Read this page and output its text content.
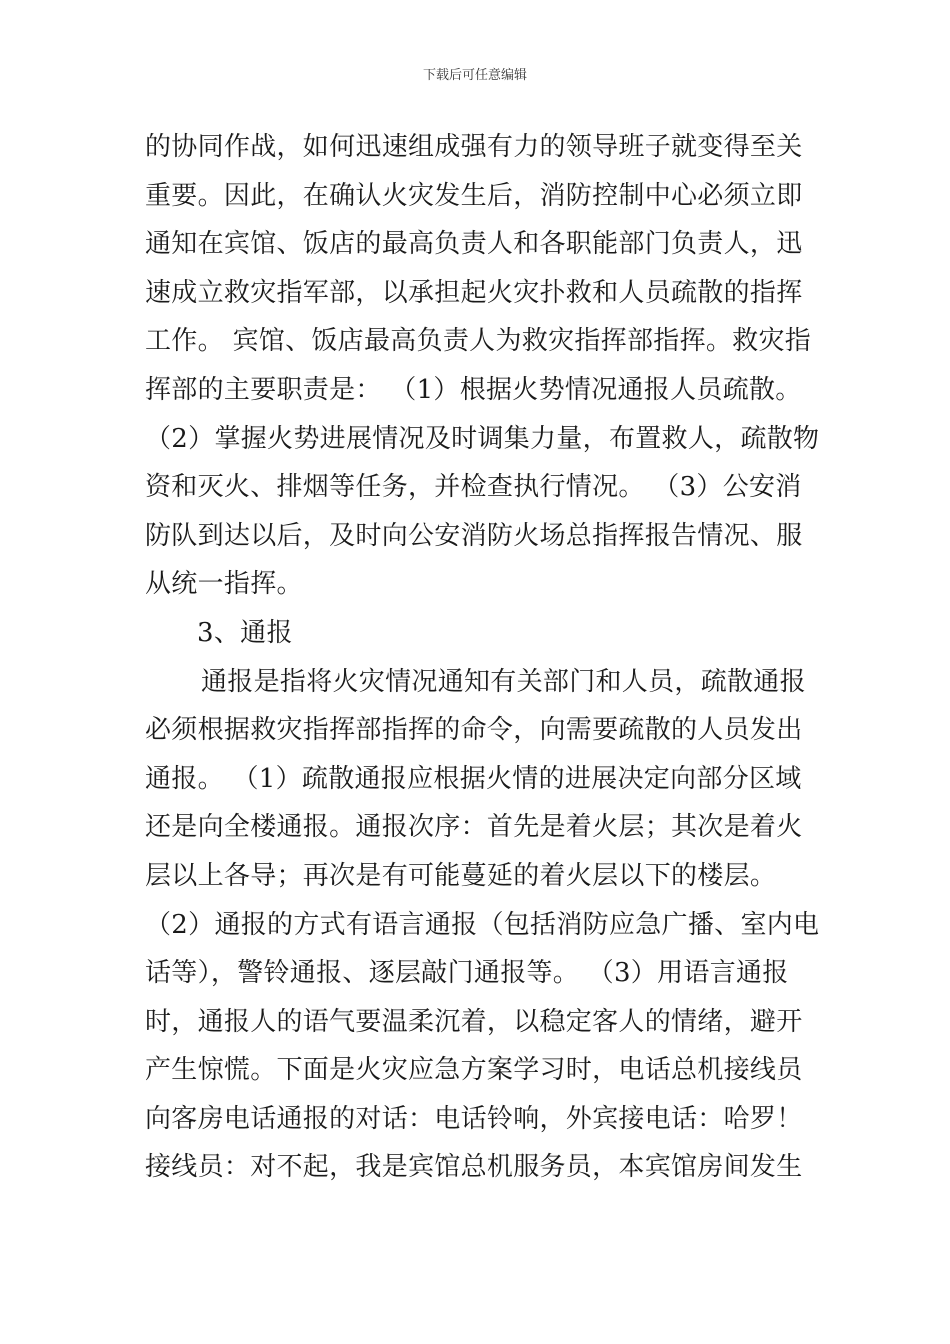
下载后可任意编辑
的协同作战，如何迅速组成强有力的领导班子就变得至关
重要。因此，在确认火灾发生后，消防控制中心必须立即
通知在宾馆、饭店的最高负责人和各职能部门负责人，迅
速成立救灾指军部，以承担起火灾扑救和人员疏散的指挥
工作。 宾馆、饭店最高负责人为救灾指挥部指挥。救灾指
挥部的主要职责是： （1）根据火势情况通报人员疏散。
（2）掌握火势进展情况及时调集力量，布置救人，疏散物
资和灭火、排烟等任务，并检查执行情况。 （3）公安消
防队到达以后，及时向公安消防火场总指挥报告情况、服
从统一指挥。
3、通报
通报是指将火灾情况通知有关部门和人员，疏散通报
必须根据救灾指挥部指挥的命令，向需要疏散的人员发出
通报。 （1）疏散通报应根据火情的进展决定向部分区域
还是向全楼通报。通报次序：首先是着火层；其次是着火
层以上各导；再次是有可能蔓延的着火层以下的楼层。
（2）通报的方式有语言通报（包括消防应急广播、室内电
话等），警铃通报、逐层敲门通报等。 （3）用语言通报
时，通报人的语气要温柔沉着，以稳定客人的情绪，避开
产生惊慌。下面是火灾应急方案学习时，电话总机接线员
向客房电话通报的对话：电话铃响，外宾接电话：哈罗！
接线员：对不起，我是宾馆总机服务员，本宾馆房间发生
